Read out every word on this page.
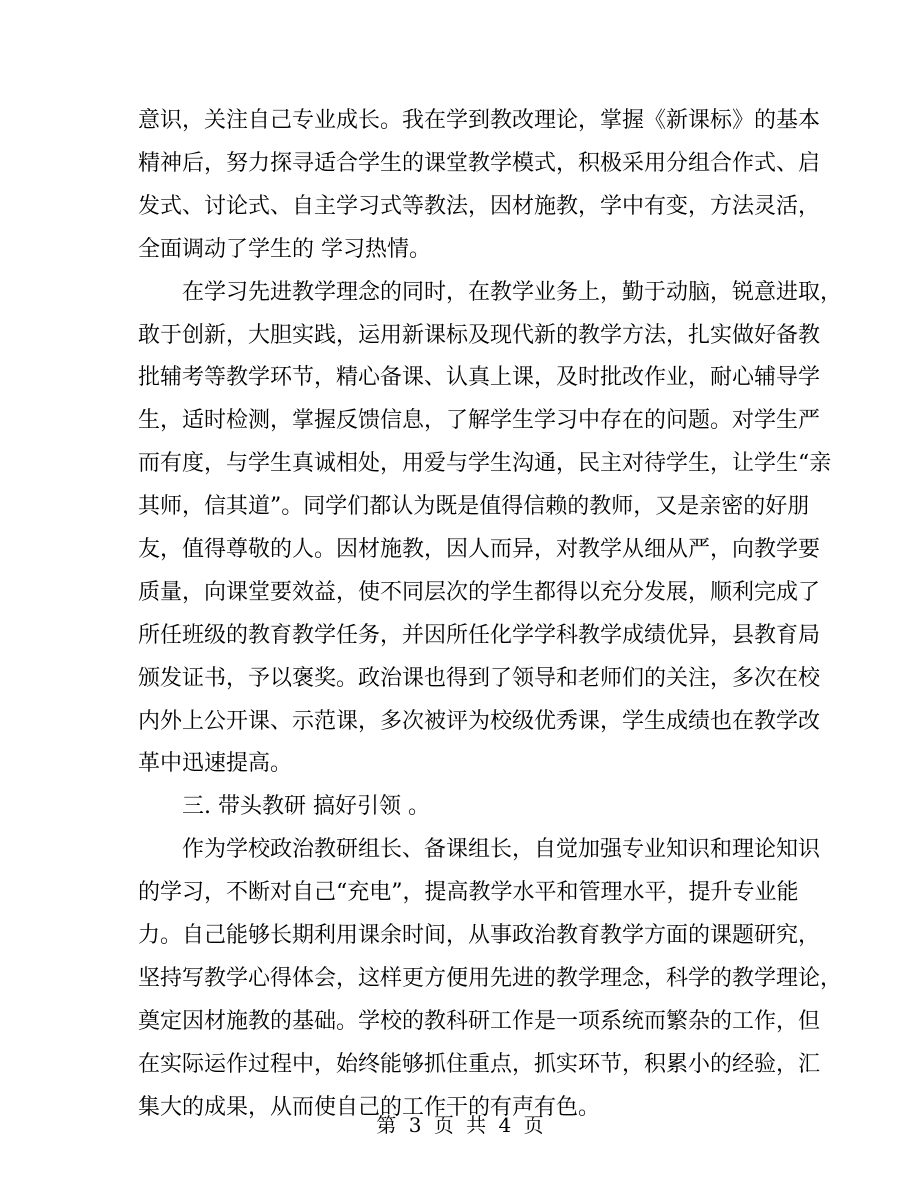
意识，关注自己专业成长。我在学到教改理论，掌握《新课标》的基本
精神后，努力探寻适合学生的课堂教学模式，积极采用分组合作式、启
发式、讨论式、自主学习式等教法，因材施教，学中有变，方法灵活，
全面调动了学生的 学习热情。
在学习先进教学理念的同时，在教学业务上，勤于动脑，锐意进取，
敢于创新，大胆实践，运用新课标及现代新的教学方法，扎实做好备教
批辅考等教学环节，精心备课、认真上课，及时批改作业，耐心辅导学
生，适时检测，掌握反馈信息，了解学生学习中存在的问题。对学生严
而有度，与学生真诚相处，用爱与学生沟通，民主对待学生，让学生“亲
其师，信其道”。同学们都认为既是值得信赖的教师，又是亲密的好朋
友，值得尊敬的人。因材施教，因人而异，对教学从细从严，向教学要
质量，向课堂要效益，使不同层次的学生都得以充分发展，顺利完成了
所任班级的教育教学任务，并因所任化学学科教学成绩优异，县教育局
颁发证书，予以褒奖。政治课也得到了领导和老师们的关注，多次在校
内外上公开课、示范课，多次被评为校级优秀课，学生成绩也在教学改
革中迅速提高。
三. 带头教研 搞好引领 。
作为学校政治教研组长、备课组长，自觉加强专业知识和理论知识
的学习，不断对自己“充电”，提高教学水平和管理水平，提升专业能
力。自己能够长期利用课余时间，从事政治教育教学方面的课题研究，
坚持写教学心得体会，这样更方便用先进的教学理念，科学的教学理论，
奠定因材施教的基础。学校的教科研工作是一项系统而繁杂的工作，但
在实际运作过程中，始终能够抓住重点，抓实环节，积累小的经验，汇
第 3 页 共 4 页
集大的成果，从而使自己的工作干的有声有色。
